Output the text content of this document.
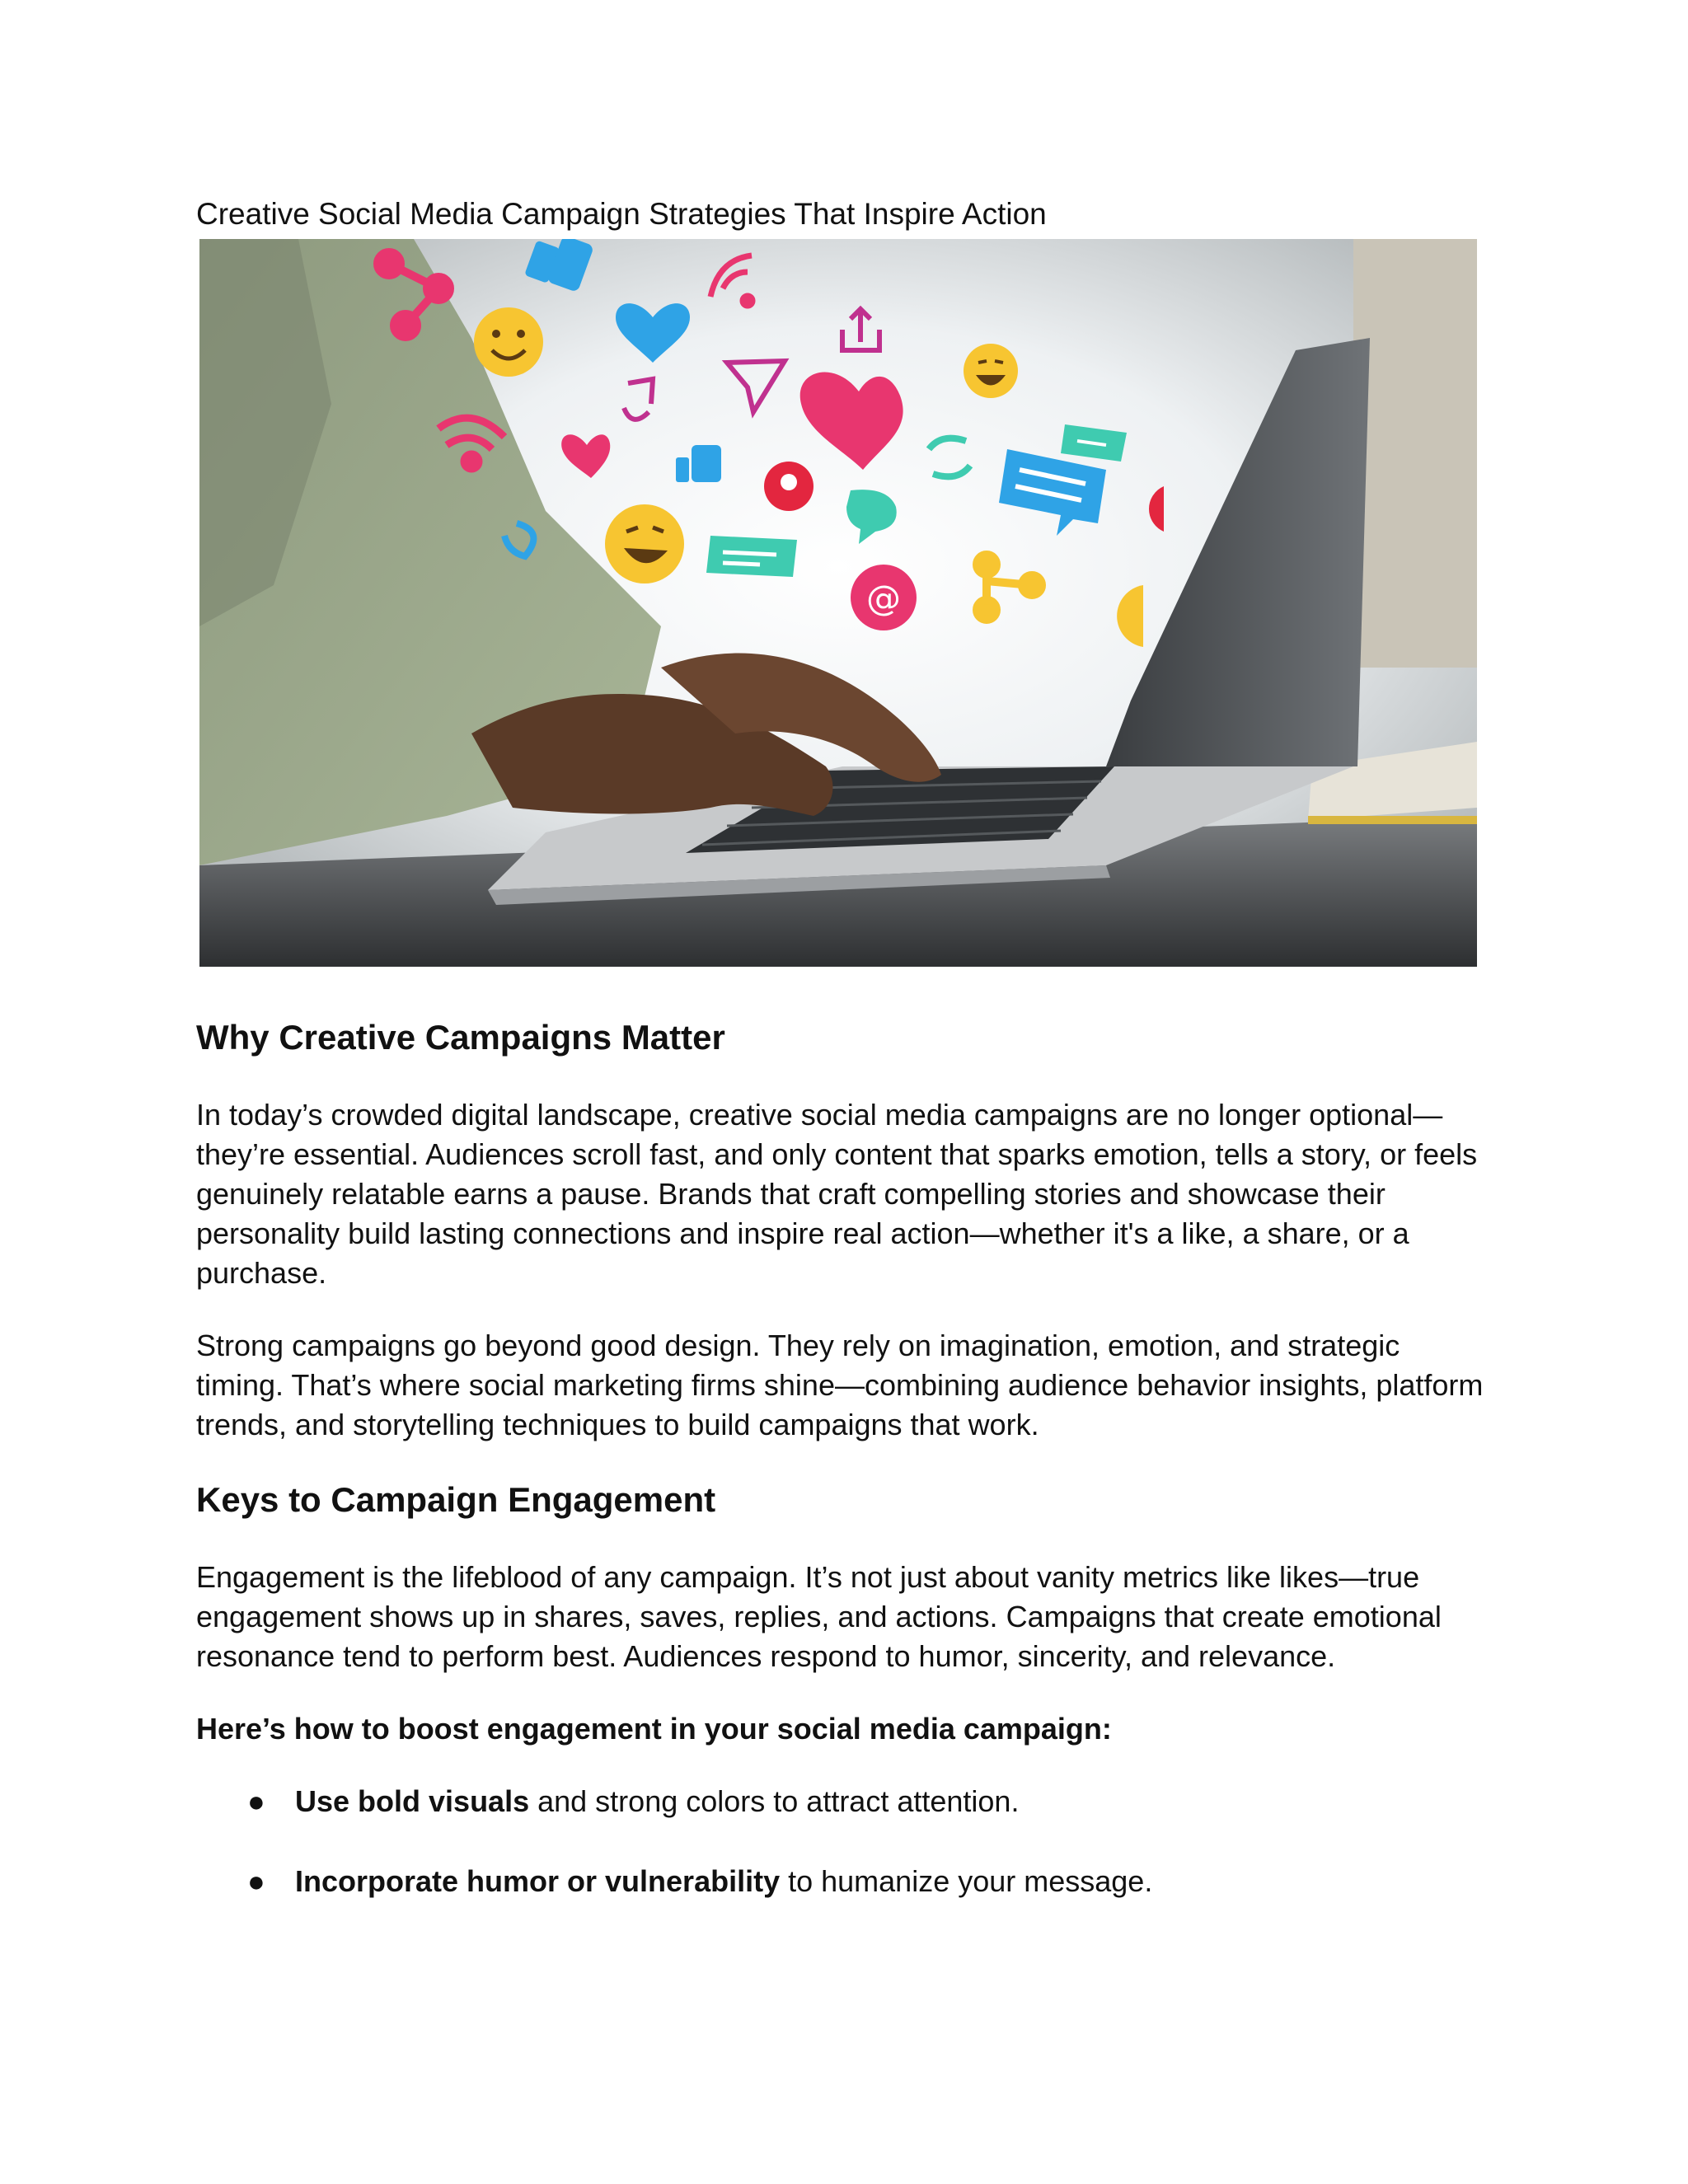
Creative Social Media Campaign Strategies That Inspire Action
@
Why Creative Campaigns Matter

In today’s crowded digital landscape, creative social media campaigns are no longer optional—they’re essential. Audiences scroll fast, and only content that sparks emotion, tells a story, or feels genuinely relatable earns a pause. Brands that craft compelling stories and showcase their personality build lasting connections and inspire real action—whether it's a like, a share, or a purchase.

Strong campaigns go beyond good design. They rely on imagination, emotion, and strategic timing. That’s where social marketing firms shine—combining audience behavior insights, platform trends, and storytelling techniques to build campaigns that work.

Keys to Campaign Engagement

Engagement is the lifeblood of any campaign. It’s not just about vanity metrics like likes—true engagement shows up in shares, saves, replies, and actions. Campaigns that create emotional resonance tend to perform best. Audiences respond to humor, sincerity, and relevance.

Here’s how to boost engagement in your social media campaign:
● Use bold visuals and strong colors to attract attention.
● Incorporate humor or vulnerability to humanize your message.
